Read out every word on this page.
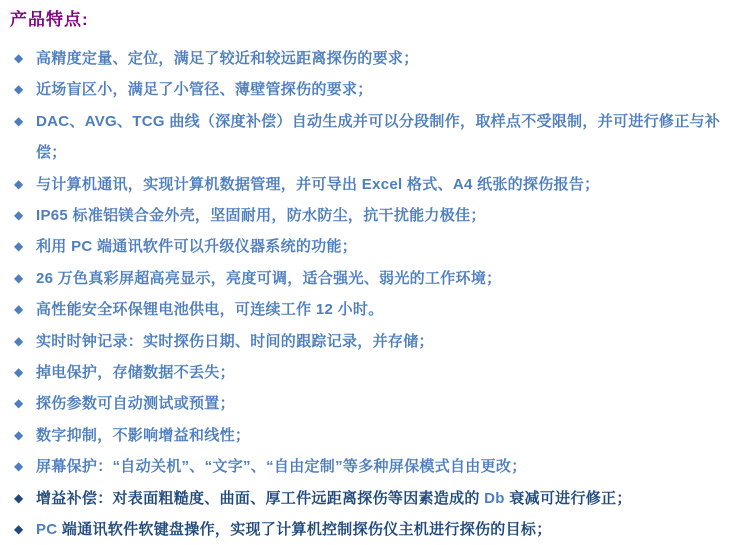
产品特点:
◆ 高精度定量、定位，满足了较近和较远距离探伤的要求；
◆ 近场盲区小，满足了小管径、薄壁管探伤的要求；
◆ DAC、AVG、TCG 曲线（深度补偿）自动生成并可以分段制作，取样点不受限制，并可进行修正与补偿；
◆ 与计算机通讯，实现计算机数据管理，并可导出 Excel 格式、A4 纸张的探伤报告；
◆ IP65 标准铝镁合金外壳，坚固耐用，防水防尘，抗干扰能力极佳；
◆ 利用 PC 端通讯软件可以升级仪器系统的功能；
◆ 26 万色真彩屏超高亮显示，亮度可调，适合强光、弱光的工作环境；
◆ 高性能安全环保锂电池供电，可连续工作 12 小时。
◆ 实时时钟记录：实时探伤日期、时间的跟踪记录，并存储；
◆ 掉电保护，存储数据不丢失；
◆ 探伤参数可自动测试或预置；
◆ 数字抑制，不影响增益和线性；
◆ 屏幕保护：“自动关机”、“文字”、“自由定制”等多种屏保模式自由更改；
◆ 增益补偿：对表面粗糙度、曲面、厚工件远距离探伤等因素造成的 Db 衰减可进行修正；
◆ PC 端通讯软件软键盘操作，实现了计算机控制探伤仪主机进行探伤的目标；
